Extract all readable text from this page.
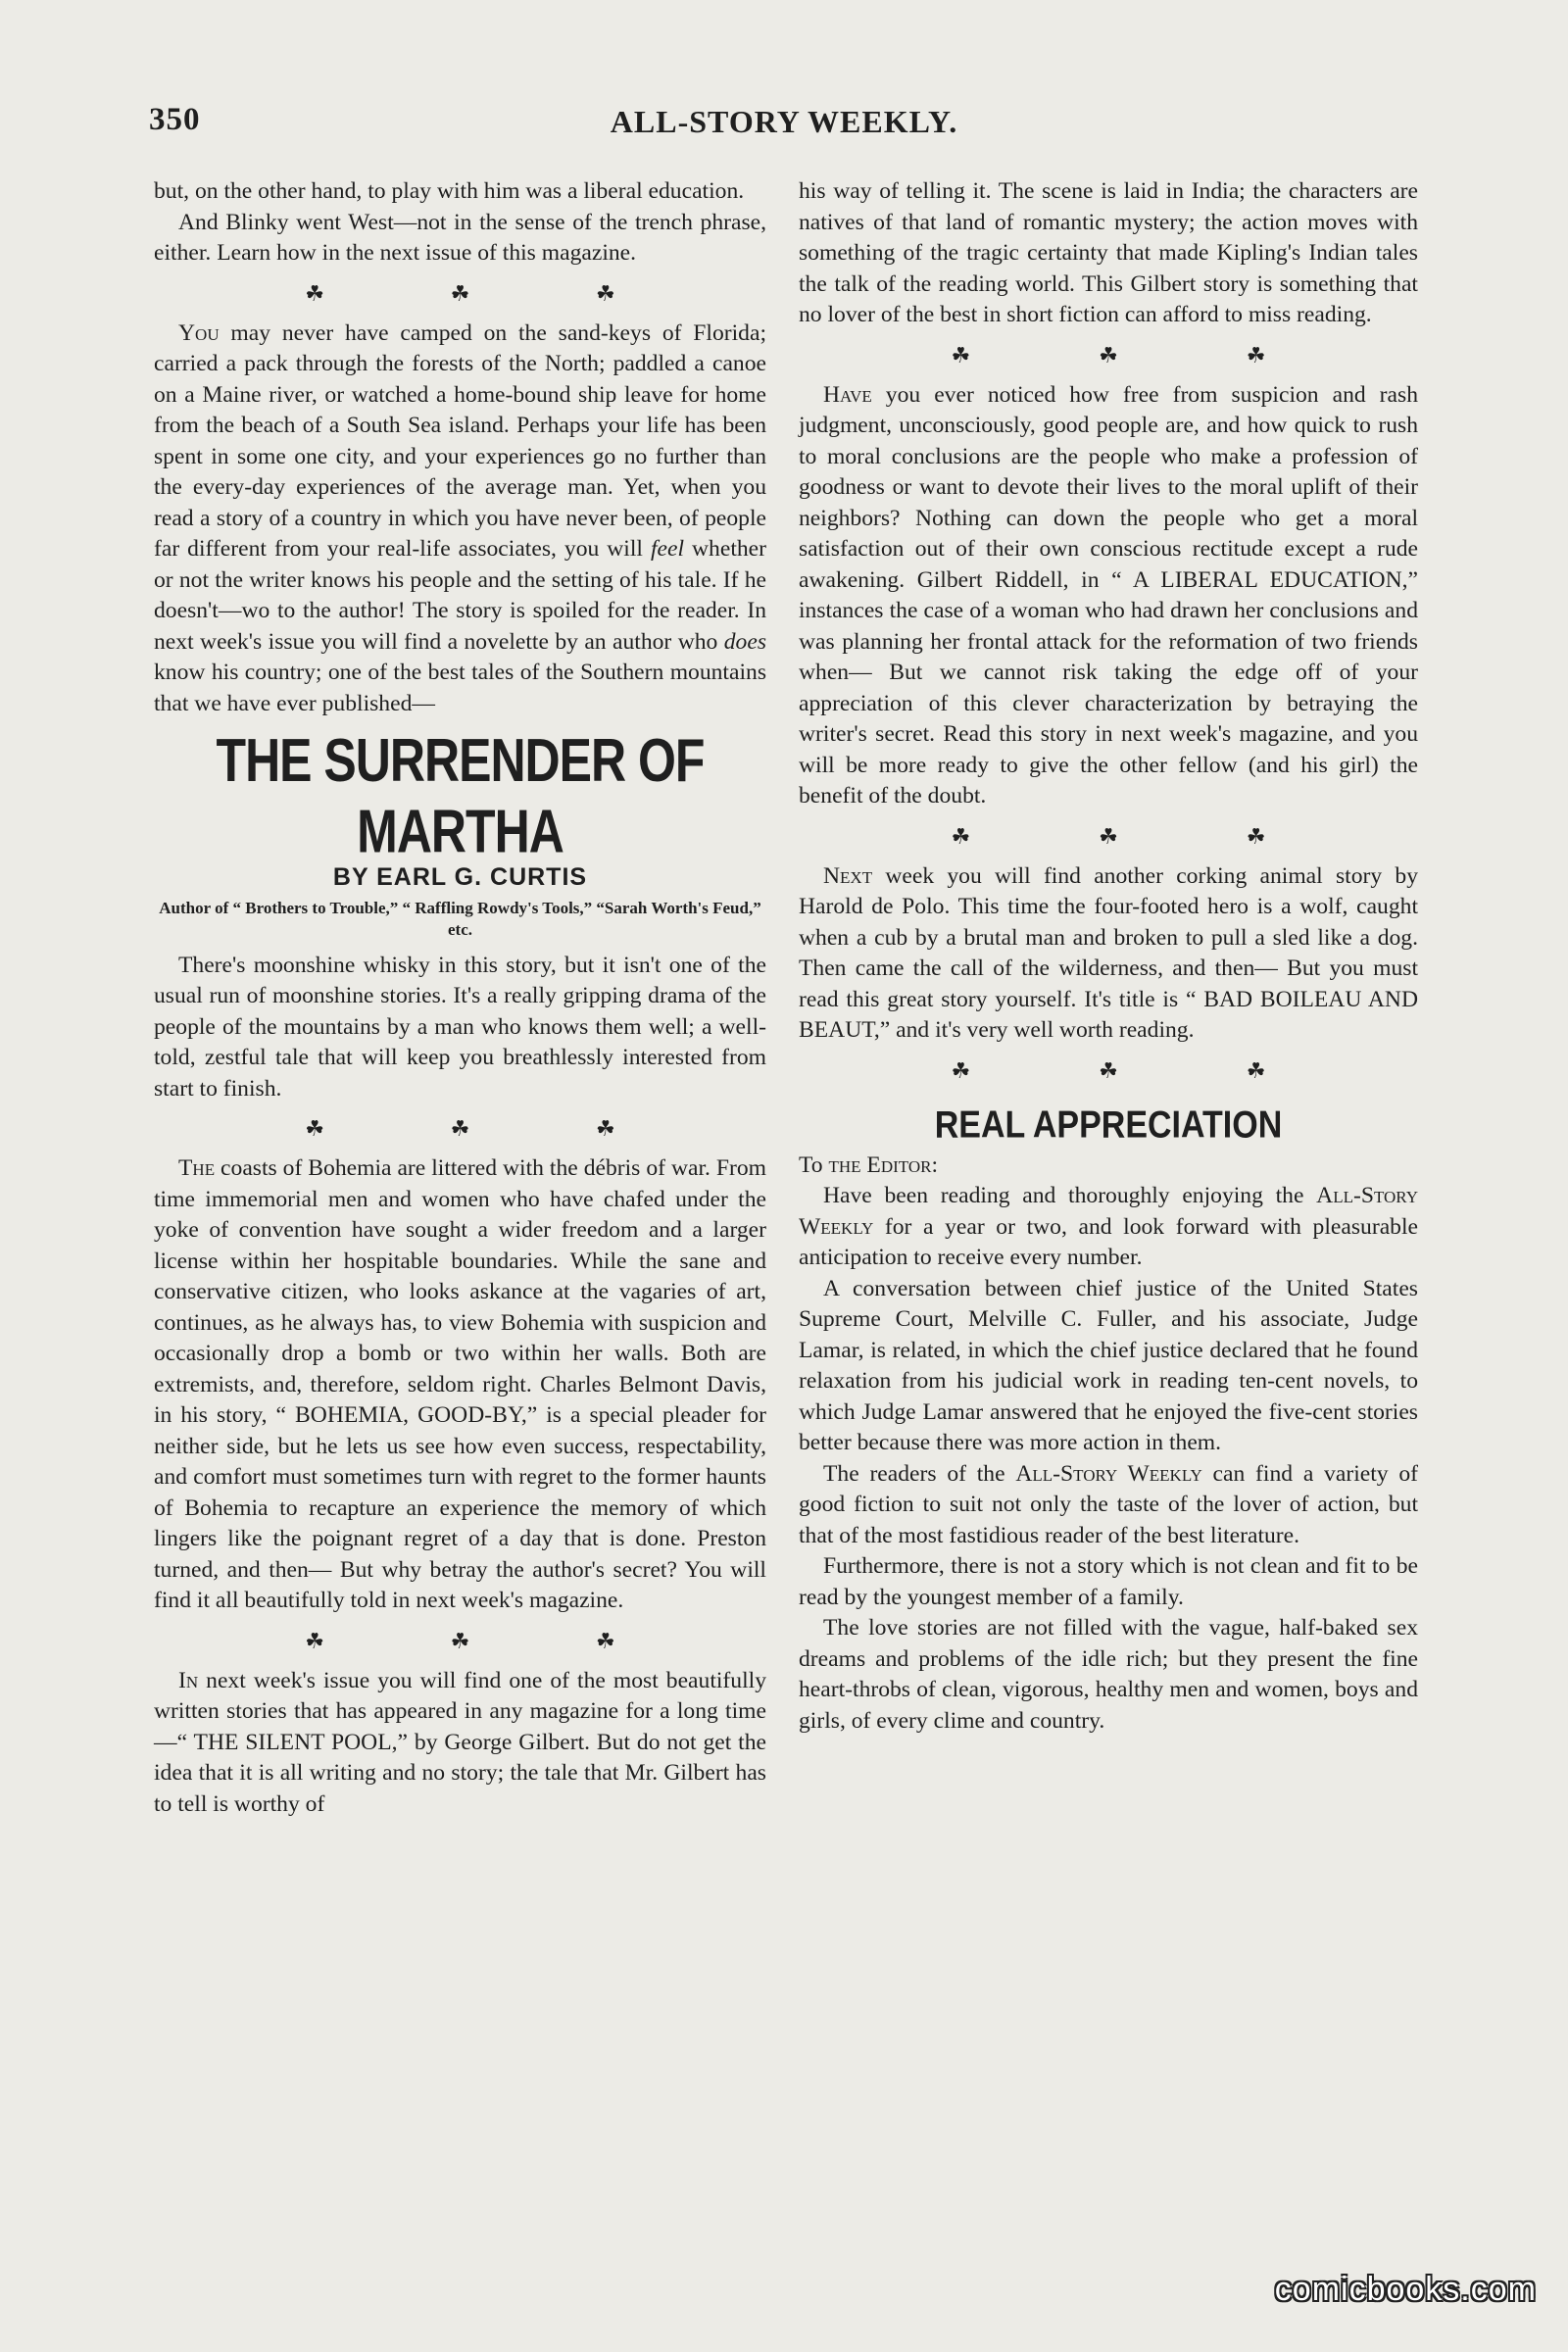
350	ALL-STORY WEEKLY.

but, on the other hand, to play with him was a liberal education.

And Blinky went West—not in the sense of the trench phrase, either. Learn how in the next issue of this magazine.

☘	☘	☘

You may never have camped on the sand-keys of Florida; carried a pack through the forests of the North; paddled a canoe on a Maine river, or watched a home-bound ship leave for home from the beach of a South Sea island. Perhaps your life has been spent in some one city, and your experiences go no further than the every-day experiences of the average man. Yet, when you read a story of a country in which you have never been, of people far different from your real-life associates, you will feel whether or not the writer knows his people and the setting of his tale. If he doesn't—wo to the author! The story is spoiled for the reader. In next week's issue you will find a novelette by an author who does know his country; one of the best tales of the Southern mountains that we have ever published—

THE SURRENDER OF MARTHA
BY EARL G. CURTIS
Author of “ Brothers to Trouble,” “ Raffling Rowdy's Tools,” “Sarah Worth's Feud,” etc.

There's moonshine whisky in this story, but it isn't one of the usual run of moonshine stories. It's a really gripping drama of the people of the mountains by a man who knows them well; a well-told, zestful tale that will keep you breathlessly interested from start to finish.

☘	☘	☘

The coasts of Bohemia are littered with the débris of war. From time immemorial men and women who have chafed under the yoke of convention have sought a wider freedom and a larger license within her hospitable boundaries. While the sane and conservative citizen, who looks askance at the vagaries of art, continues, as he always has, to view Bohemia with suspicion and occasionally drop a bomb or two within her walls. Both are extremists, and, therefore, seldom right. Charles Belmont Davis, in his story, “ BOHEMIA, GOOD-BY,” is a special pleader for neither side, but he lets us see how even success, respectability, and comfort must sometimes turn with regret to the former haunts of Bohemia to recapture an experience the memory of which lingers like the poignant regret of a day that is done. Preston turned, and then— But why betray the author's secret? You will find it all beautifully told in next week's magazine.

☘	☘	☘

In next week's issue you will find one of the most beautifully written stories that has appeared in any magazine for a long time—“ THE SILENT POOL,” by George Gilbert. But do not get the idea that it is all writing and no story; the tale that Mr. Gilbert has to tell is worthy of

his way of telling it. The scene is laid in India; the characters are natives of that land of romantic mystery; the action moves with something of the tragic certainty that made Kipling's Indian tales the talk of the reading world. This Gilbert story is something that no lover of the best in short fiction can afford to miss reading.

☘	☘	☘

Have you ever noticed how free from suspicion and rash judgment, unconsciously, good people are, and how quick to rush to moral conclusions are the people who make a profession of goodness or want to devote their lives to the moral uplift of their neighbors? Nothing can down the people who get a moral satisfaction out of their own conscious rectitude except a rude awakening. Gilbert Riddell, in “ A LIBERAL EDUCATION,” instances the case of a woman who had drawn her conclusions and was planning her frontal attack for the reformation of two friends when— But we cannot risk taking the edge off of your appreciation of this clever characterization by betraying the writer's secret. Read this story in next week's magazine, and you will be more ready to give the other fellow (and his girl) the benefit of the doubt.

☘	☘	☘

Next week you will find another corking animal story by Harold de Polo. This time the four-footed hero is a wolf, caught when a cub by a brutal man and broken to pull a sled like a dog. Then came the call of the wilderness, and then— But you must read this great story yourself. It's title is “ BAD BOILEAU AND BEAUT,” and it's very well worth reading.

☘	☘	☘
REAL APPRECIATION

To the Editor:

Have been reading and thoroughly enjoying the All-Story Weekly for a year or two, and look forward with pleasurable anticipation to receive every number.

A conversation between chief justice of the United States Supreme Court, Melville C. Fuller, and his associate, Judge Lamar, is related, in which the chief justice declared that he found relaxation from his judicial work in reading ten-cent novels, to which Judge Lamar answered that he enjoyed the five-cent stories better because there was more action in them.

The readers of the All-Story Weekly can find a variety of good fiction to suit not only the taste of the lover of action, but that of the most fastidious reader of the best literature.

Furthermore, there is not a story which is not clean and fit to be read by the youngest member of a family.

The love stories are not filled with the vague, half-baked sex dreams and problems of the idle rich; but they present the fine heart-throbs of clean, vigorous, healthy men and women, boys and girls, of every clime and country.

comicbooks.com
